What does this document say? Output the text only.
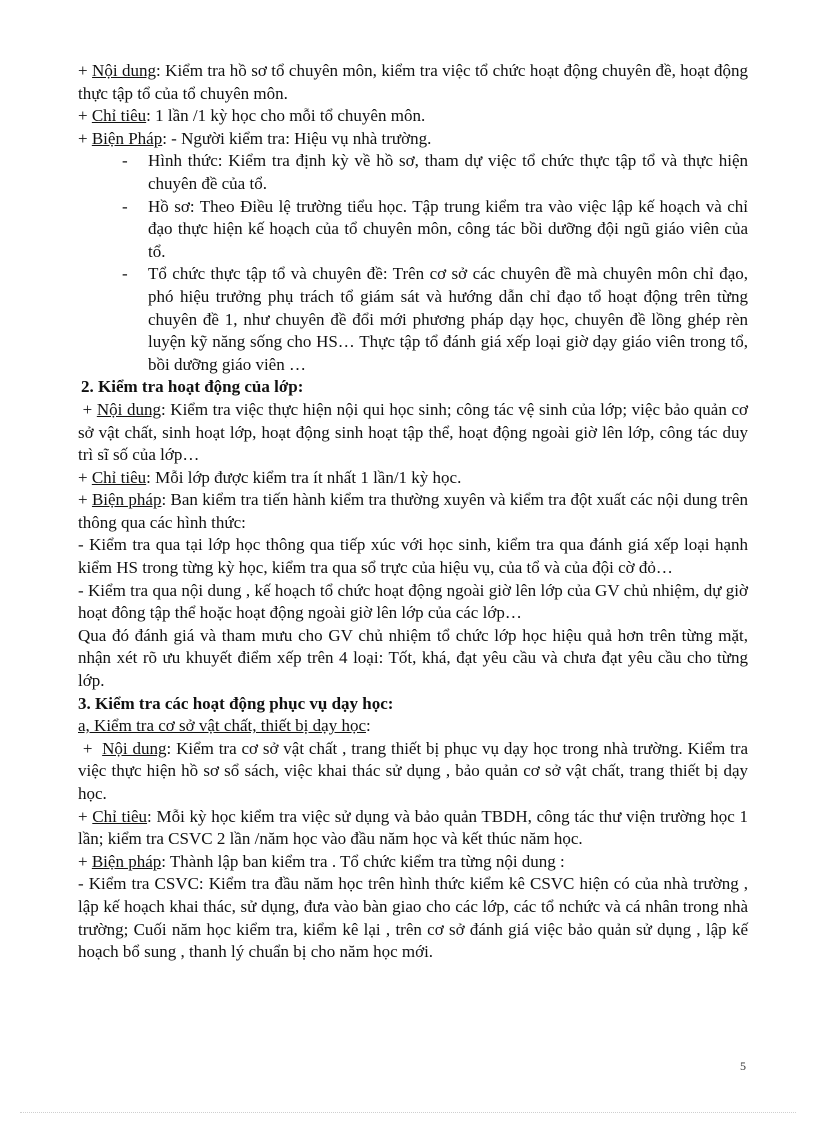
+ Nội dung: Kiểm tra hồ sơ tổ chuyên môn, kiểm tra việc tổ chức hoạt động chuyên đề, hoạt động thực tập tổ của tổ chuyên môn.

+ Chỉ tiêu: 1 lần /1 kỳ học cho mỗi tổ chuyên môn.

+ Biện Pháp: - Người kiểm tra: Hiệu vụ nhà trường.

-	Hình thức: Kiểm tra định kỳ về hồ sơ, tham dự việc tổ chức thực tập tổ và thực hiện chuyên đề của tổ.
-	Hồ sơ: Theo Điều lệ trường tiểu học. Tập trung kiểm tra vào việc lập kế hoạch và chỉ đạo thực hiện kế hoạch của tổ chuyên môn, công tác bồi dưỡng đội ngũ giáo viên của tổ.
-	Tổ chức thực tập tổ và chuyên đề: Trên cơ sở các chuyên đề mà chuyên môn chỉ đạo, phó hiệu trưởng phụ trách tổ giám sát và hướng dẫn chỉ đạo tổ hoạt động trên từng chuyên đề 1, như chuyên đề đổi mới phương pháp dạy học, chuyên đề lồng ghép rèn luyện kỹ năng sống cho HS… Thực tập tổ đánh giá xếp loại giờ dạy giáo viên trong tổ, bồi dưỡng giáo viên …

2. Kiểm tra hoạt động của lớp:

+ Nội dung: Kiểm tra việc thực hiện nội qui học sinh; công tác vệ sinh của lớp; việc bảo quản cơ sở vật chất, sinh hoạt lớp, hoạt động sinh hoạt tập thể, hoạt động ngoài giờ lên lớp, công tác duy trì sĩ số của lớp…

+ Chỉ tiêu: Mỗi lớp được kiểm tra ít nhất 1 lần/1 kỳ học.

+ Biện pháp: Ban kiểm tra tiến hành kiểm tra thường xuyên và kiểm tra đột xuất các nội dung trên thông qua các hình thức:

- Kiểm tra qua tại lớp học thông qua tiếp xúc với học sinh, kiểm tra qua đánh giá xếp loại hạnh kiểm HS trong từng kỳ học, kiểm tra qua sổ trực của hiệu vụ, của tổ và của đội cờ đỏ…

- Kiểm tra qua nội dung , kế hoạch tổ chức hoạt động ngoài giờ lên lớp của GV chủ nhiệm, dự giờ hoạt đông tập thể hoặc hoạt động ngoài giờ lên lớp của các lớp…

Qua đó đánh giá và tham mưu cho GV chủ nhiệm tổ chức lớp học hiệu quả hơn trên từng mặt, nhận xét rõ ưu khuyết điểm xếp trên 4 loại: Tốt, khá, đạt yêu cầu và chưa đạt yêu cầu cho từng lớp.

3. Kiểm tra các hoạt động phục vụ dạy học:

a, Kiểm tra cơ sở vật chất, thiết bị dạy học:

+  Nội dung: Kiểm tra cơ sở vật chất , trang thiết bị phục vụ dạy học trong nhà trường. Kiểm tra việc thực hiện hồ sơ sổ sách, việc khai thác sử dụng , bảo quản cơ sở vật chất, trang thiết bị dạy học.

+ Chỉ tiêu: Mỗi kỳ học kiểm tra việc sử dụng và bảo quản TBDH, công tác thư viện trường học 1 lần; kiểm tra CSVC 2 lần /năm học vào đầu năm học và kết thúc năm học.

+ Biện pháp: Thành lập ban kiểm tra . Tổ chức kiểm tra từng nội dung :

- Kiểm tra CSVC: Kiểm tra đầu năm học trên hình thức kiểm kê CSVC hiện có của nhà trường , lập kế hoạch khai thác, sử dụng, đưa vào bàn giao cho các lớp, các tổ nchức và cá nhân trong nhà trường; Cuối năm học kiểm tra, kiểm kê lại , trên cơ sở đánh giá việc bảo quản sử dụng , lập kế hoạch bổ sung , thanh lý chuẩn bị cho năm học mới.

5
